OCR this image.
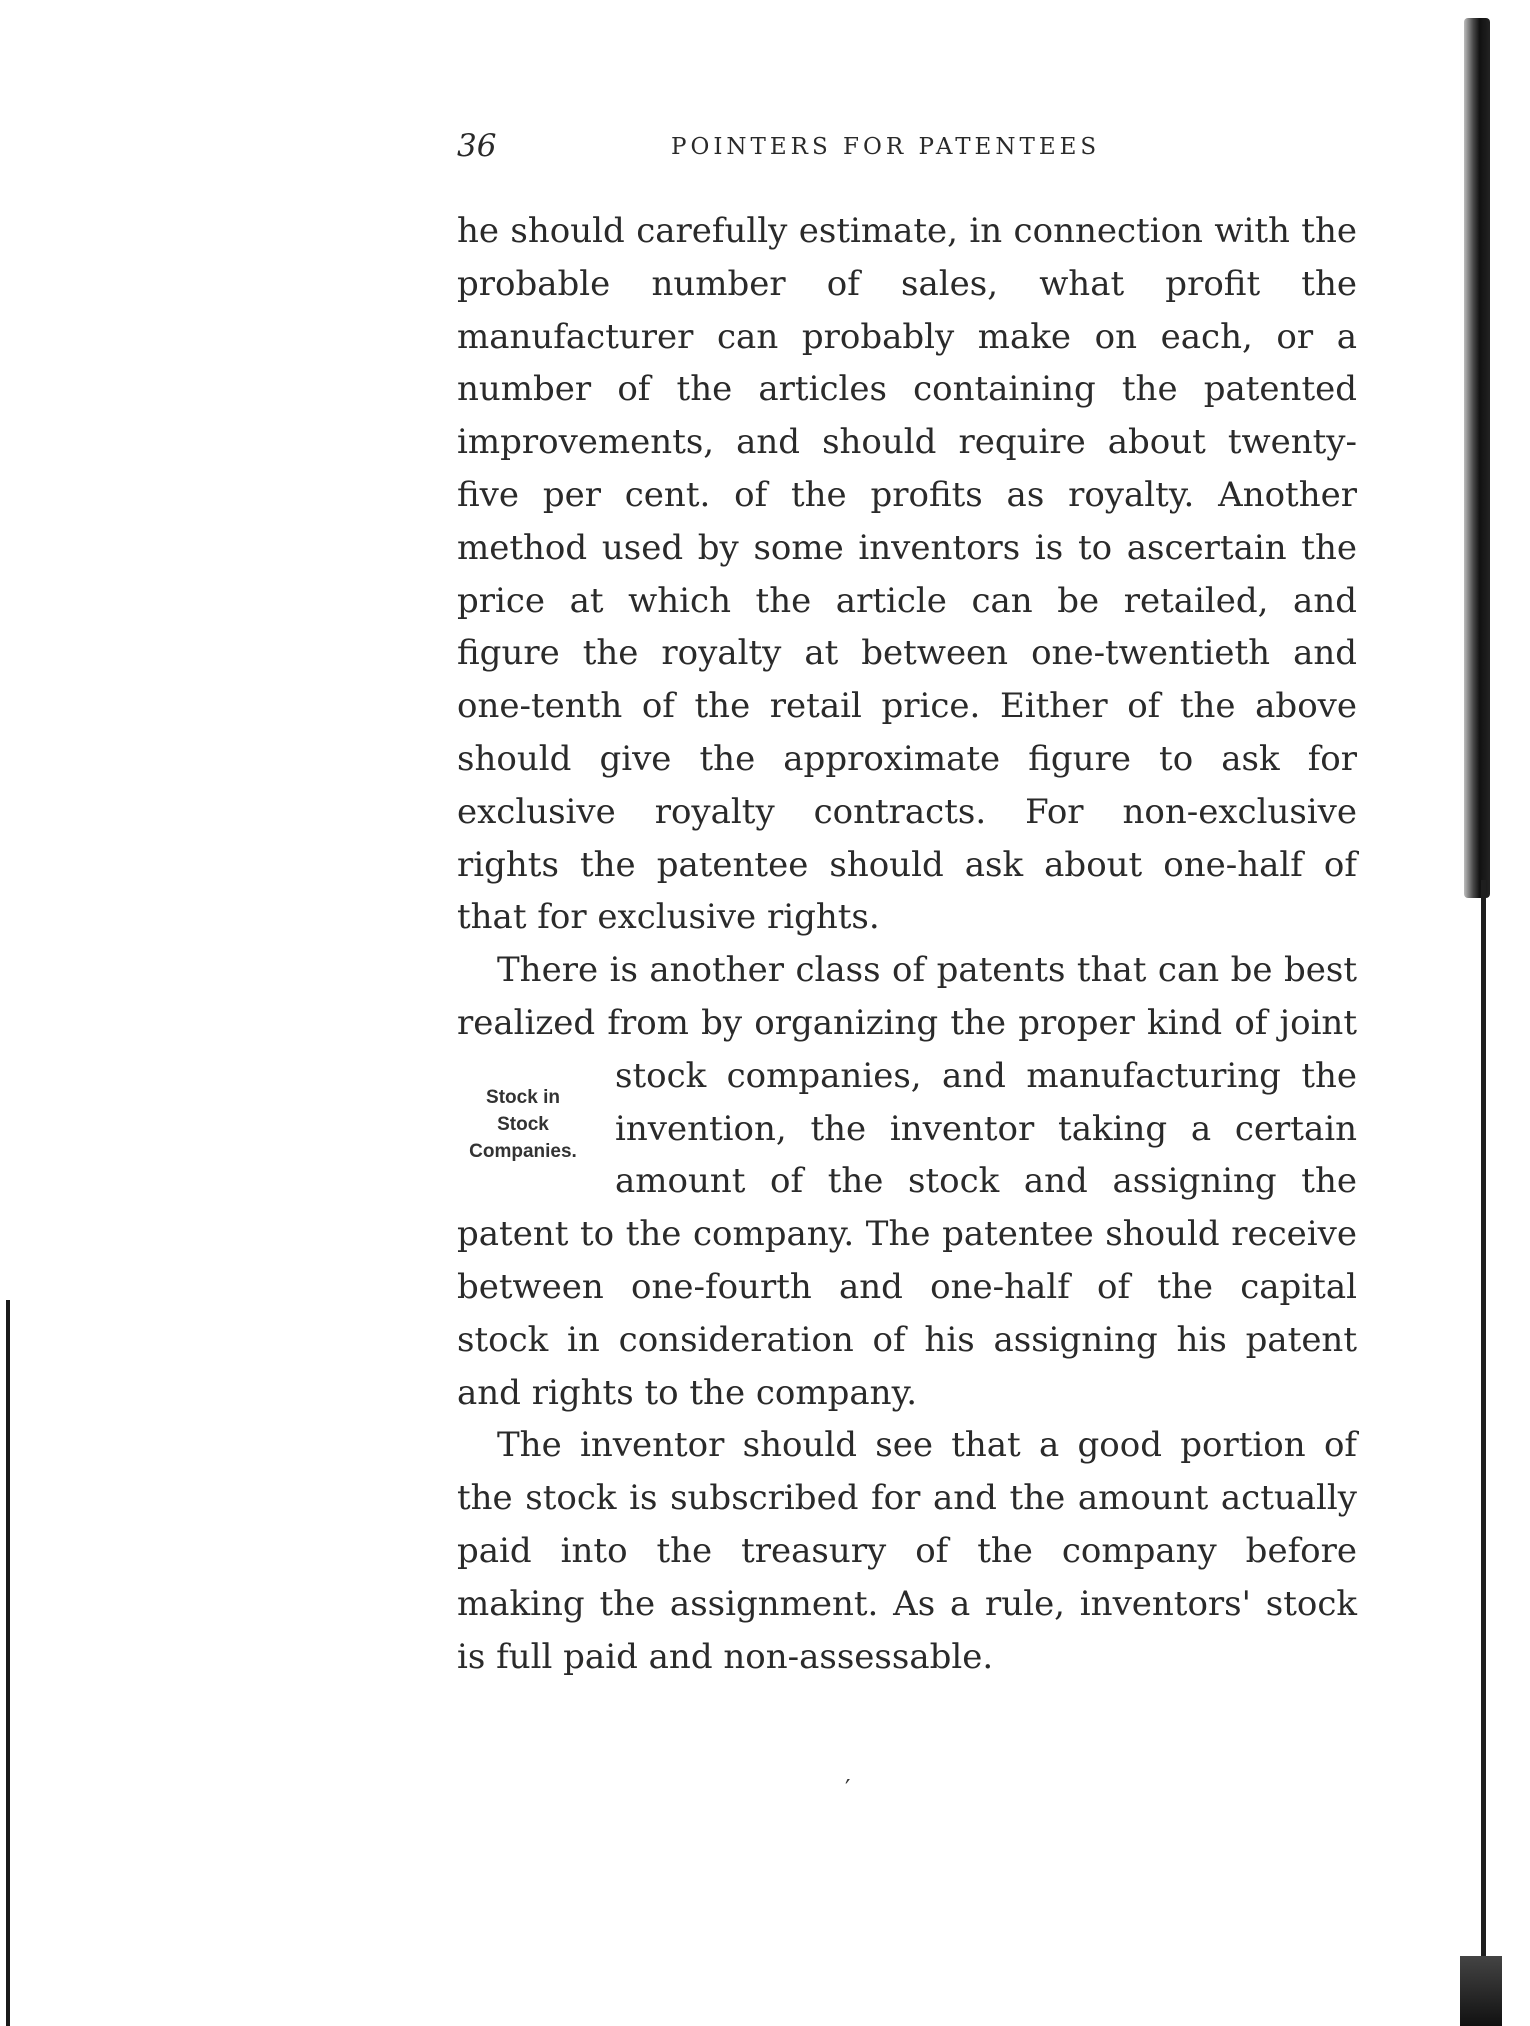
36	POINTERS FOR PATENTEES

he should carefully estimate, in connection with the probable number of sales, what profit the manufacturer can probably make on each, or a number of the articles containing the patented improvements, and should require about twenty-five per cent. of the profits as royalty. Another method used by some inventors is to ascertain the price at which the article can be retailed, and figure the royalty at between one-twentieth and one-tenth of the retail price. Either of the above should give the approximate figure to ask for exclusive royalty contracts. For non-exclusive rights the patentee should ask about one-half of that for exclusive rights.

There is another class of patents that can be best realized from by organizing the proper kind
Stock in
Stock
Companies.
of joint stock companies, and manufacturing the invention, the inventor taking a certain amount of the stock and assigning the patent to the company. The patentee should receive between one-fourth and one-half of the capital stock in consideration of his assigning his patent and rights to the company.

The inventor should see that a good portion of the stock is subscribed for and the amount actually paid into the treasury of the company before making the assignment. As a rule, inventors' stock is full paid and non-assessable.

′
